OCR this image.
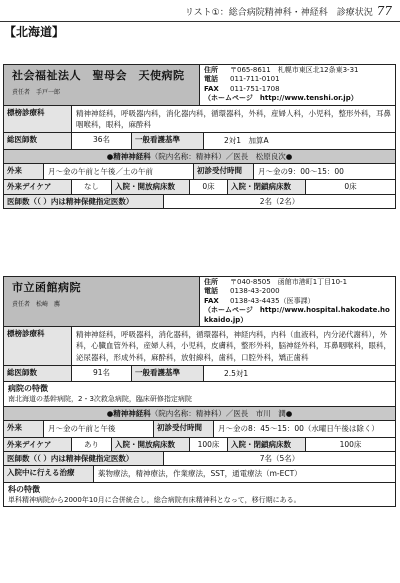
リスト①：総合病院精神科・神経科　診療状況 77
【北海道】
社会福祉法人　聖母会　天使病院
責任者 手戸一郎
住所 〒065-8611　札幌市東区北12条東3-31
電話 011-711-0101
FAX 011-751-1708
（ホームページ　 http://www.tenshi.or.jp）
標榜診療科	精神神経科，呼吸器内科，消化器内科，循環器科，外科，産婦人科，小児科，整形外科，耳鼻咽喉科，眼科，麻酔科
総医師数	36名	一般看護基準	2対1　加算A
●精神神経科（院内名称：精神科）／医長　松原良次●
外来	月～金の午前と午後／土の午前	初診受付時間	月～金の9：00～15：00
外来デイケア	なし	入院・開放病床数	0床	入院・閉鎖病床数	0床
医師数（（ ）内は精神保健指定医数）	2名（2名）
市立函館病院
責任者 松崎　薦
住所 〒040-8505　函館市港町1丁目10-1
電話 0138-43-2000
FAX 0138-43-4435（医事課）
（ホームページ　 http://www.hospital.hakodate.hokkaido.jp）
標榜診療科	精神神経科，呼吸器科，消化器科，循環器科，神経内科，内科（血液科，内分泌代謝科），外科，心臓血管外科，産婦人科，小児科，皮膚科，整形外科，脳神経外科，耳鼻咽喉科，眼科，泌尿器科，形成外科，麻酔科，放射線科，歯科，口腔外科，矯正歯科
総医師数	91名	一般看護基準	2.5対1
病院の特徴
南北海道の基幹病院，2・3次救急病院，臨床研修指定病院
●精神神経科（院内名称：精神科）／医長　市川　潤●
外来	月～金の午前と午後	初診受付時間	月～金の8：45～15：00（水曜日午後は除く）
外来デイケア	あり	入院・開放病床数	100床	入院・閉鎖病床数	100床
医師数（（ ）内は精神保健指定医数）	7名（5名）
入院中に行える治療	薬物療法，精神療法，作業療法，SST，通電療法（m-ECT）
科の特徴
単科精神病院から2000年10月に合併統合し，総合病院有床精神科となって，移行期にある。
